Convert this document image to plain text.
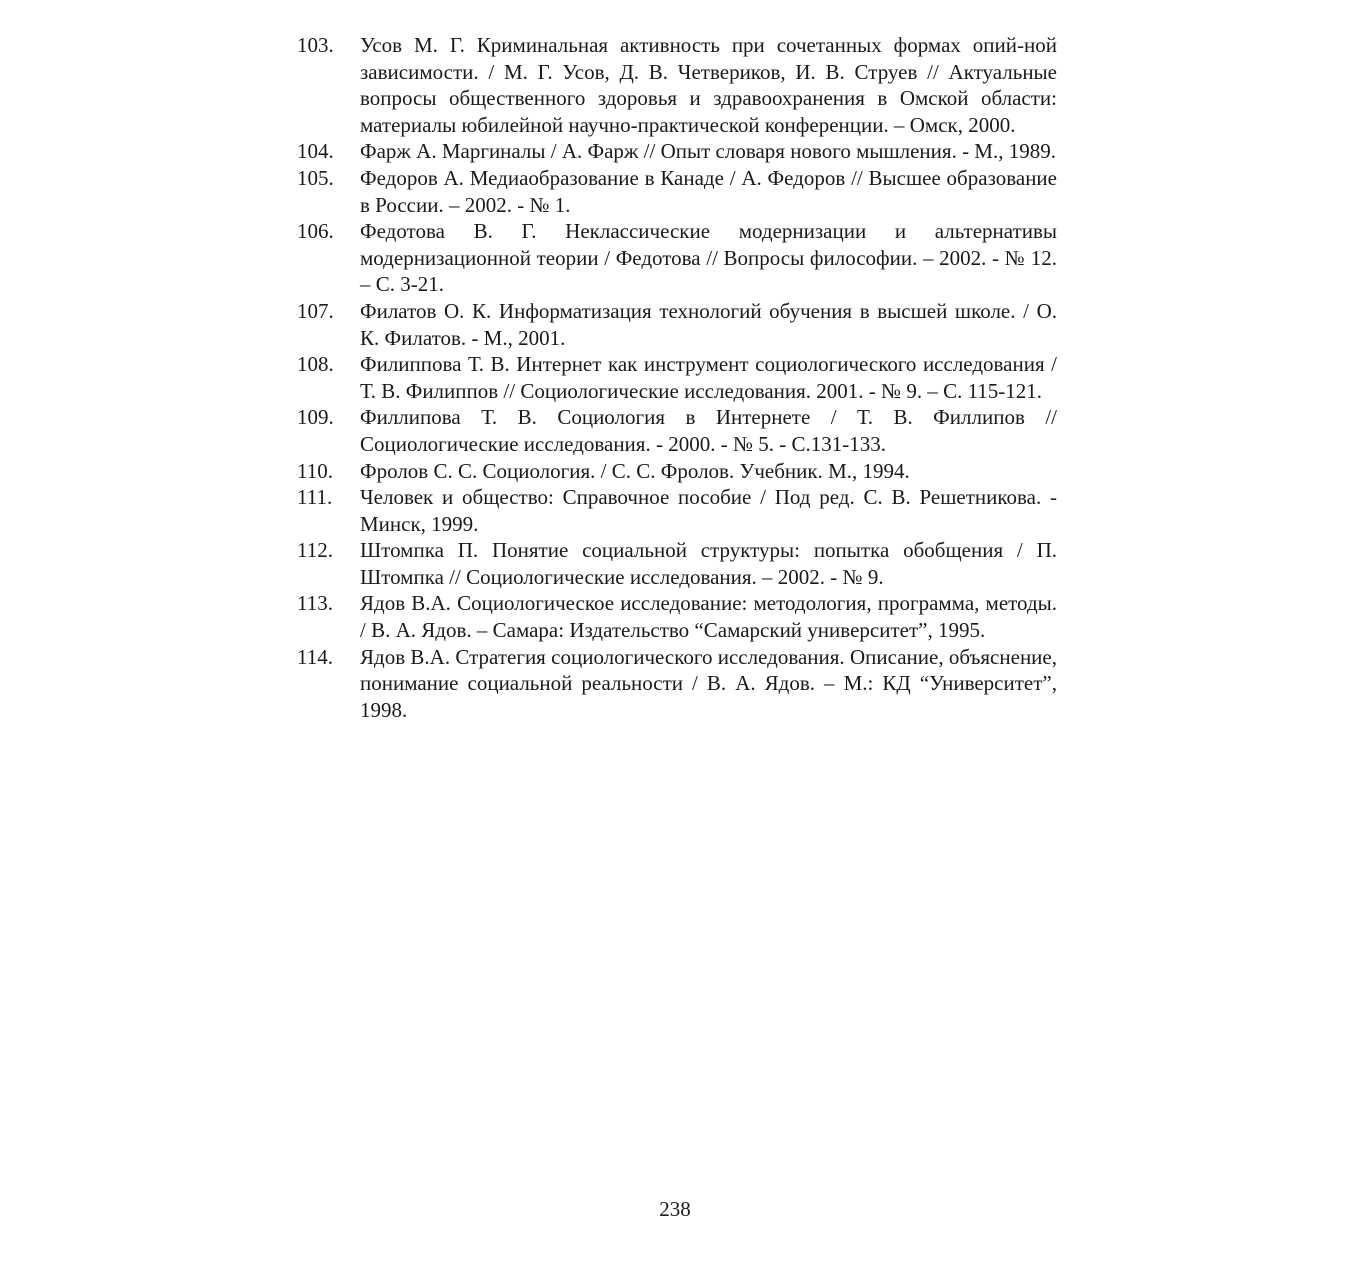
103.	Усов М. Г. Криминальная активность при сочетанных формах опий-ной зависимости. / М. Г. Усов, Д. В. Четвериков, И. В. Струев // Актуальные вопросы общественного здоровья и здравоохранения в Омской области: материалы юбилейной научно-практической конференции. – Омск, 2000.
104.	Фарж А. Маргиналы / А. Фарж // Опыт словаря нового мышления. - М., 1989.
105.	Федоров А. Медиаобразование в Канаде / А. Федоров // Высшее образование в России. – 2002. - № 1.
106.	Федотова В. Г. Неклассические модернизации и альтернативы модернизационной теории / Федотова // Вопросы философии. – 2002. - № 12. – С. 3-21.
107.	Филатов О. К. Информатизация технологий обучения в высшей школе. / О. К. Филатов. - М., 2001.
108.	Филиппова Т. В. Интернет как инструмент социологического исследования / Т. В. Филиппов // Социологические исследования. 2001. - № 9. – С. 115-121.
109.	Филлипова Т. В. Социология в Интернете / Т. В. Филлипов // Социологические исследования. - 2000. - № 5. - С.131-133.
110.	Фролов С. С. Социология. / С. С. Фролов. Учебник. М., 1994.
111.	Человек и общество: Справочное пособие / Под ред. С. В. Решетникова. - Минск, 1999.
112.	Штомпка П. Понятие социальной структуры: попытка обобщения / П. Штомпка // Социологические исследования. – 2002. - № 9.
113.	Ядов В.А. Социологическое исследование: методология, программа, методы. / В. А. Ядов. – Самара: Издательство “Самарский университет”, 1995.
114.	Ядов В.А. Стратегия социологического исследования. Описание, объяснение, понимание социальной реальности / В. А. Ядов. – М.: КД “Университет”, 1998.
238
